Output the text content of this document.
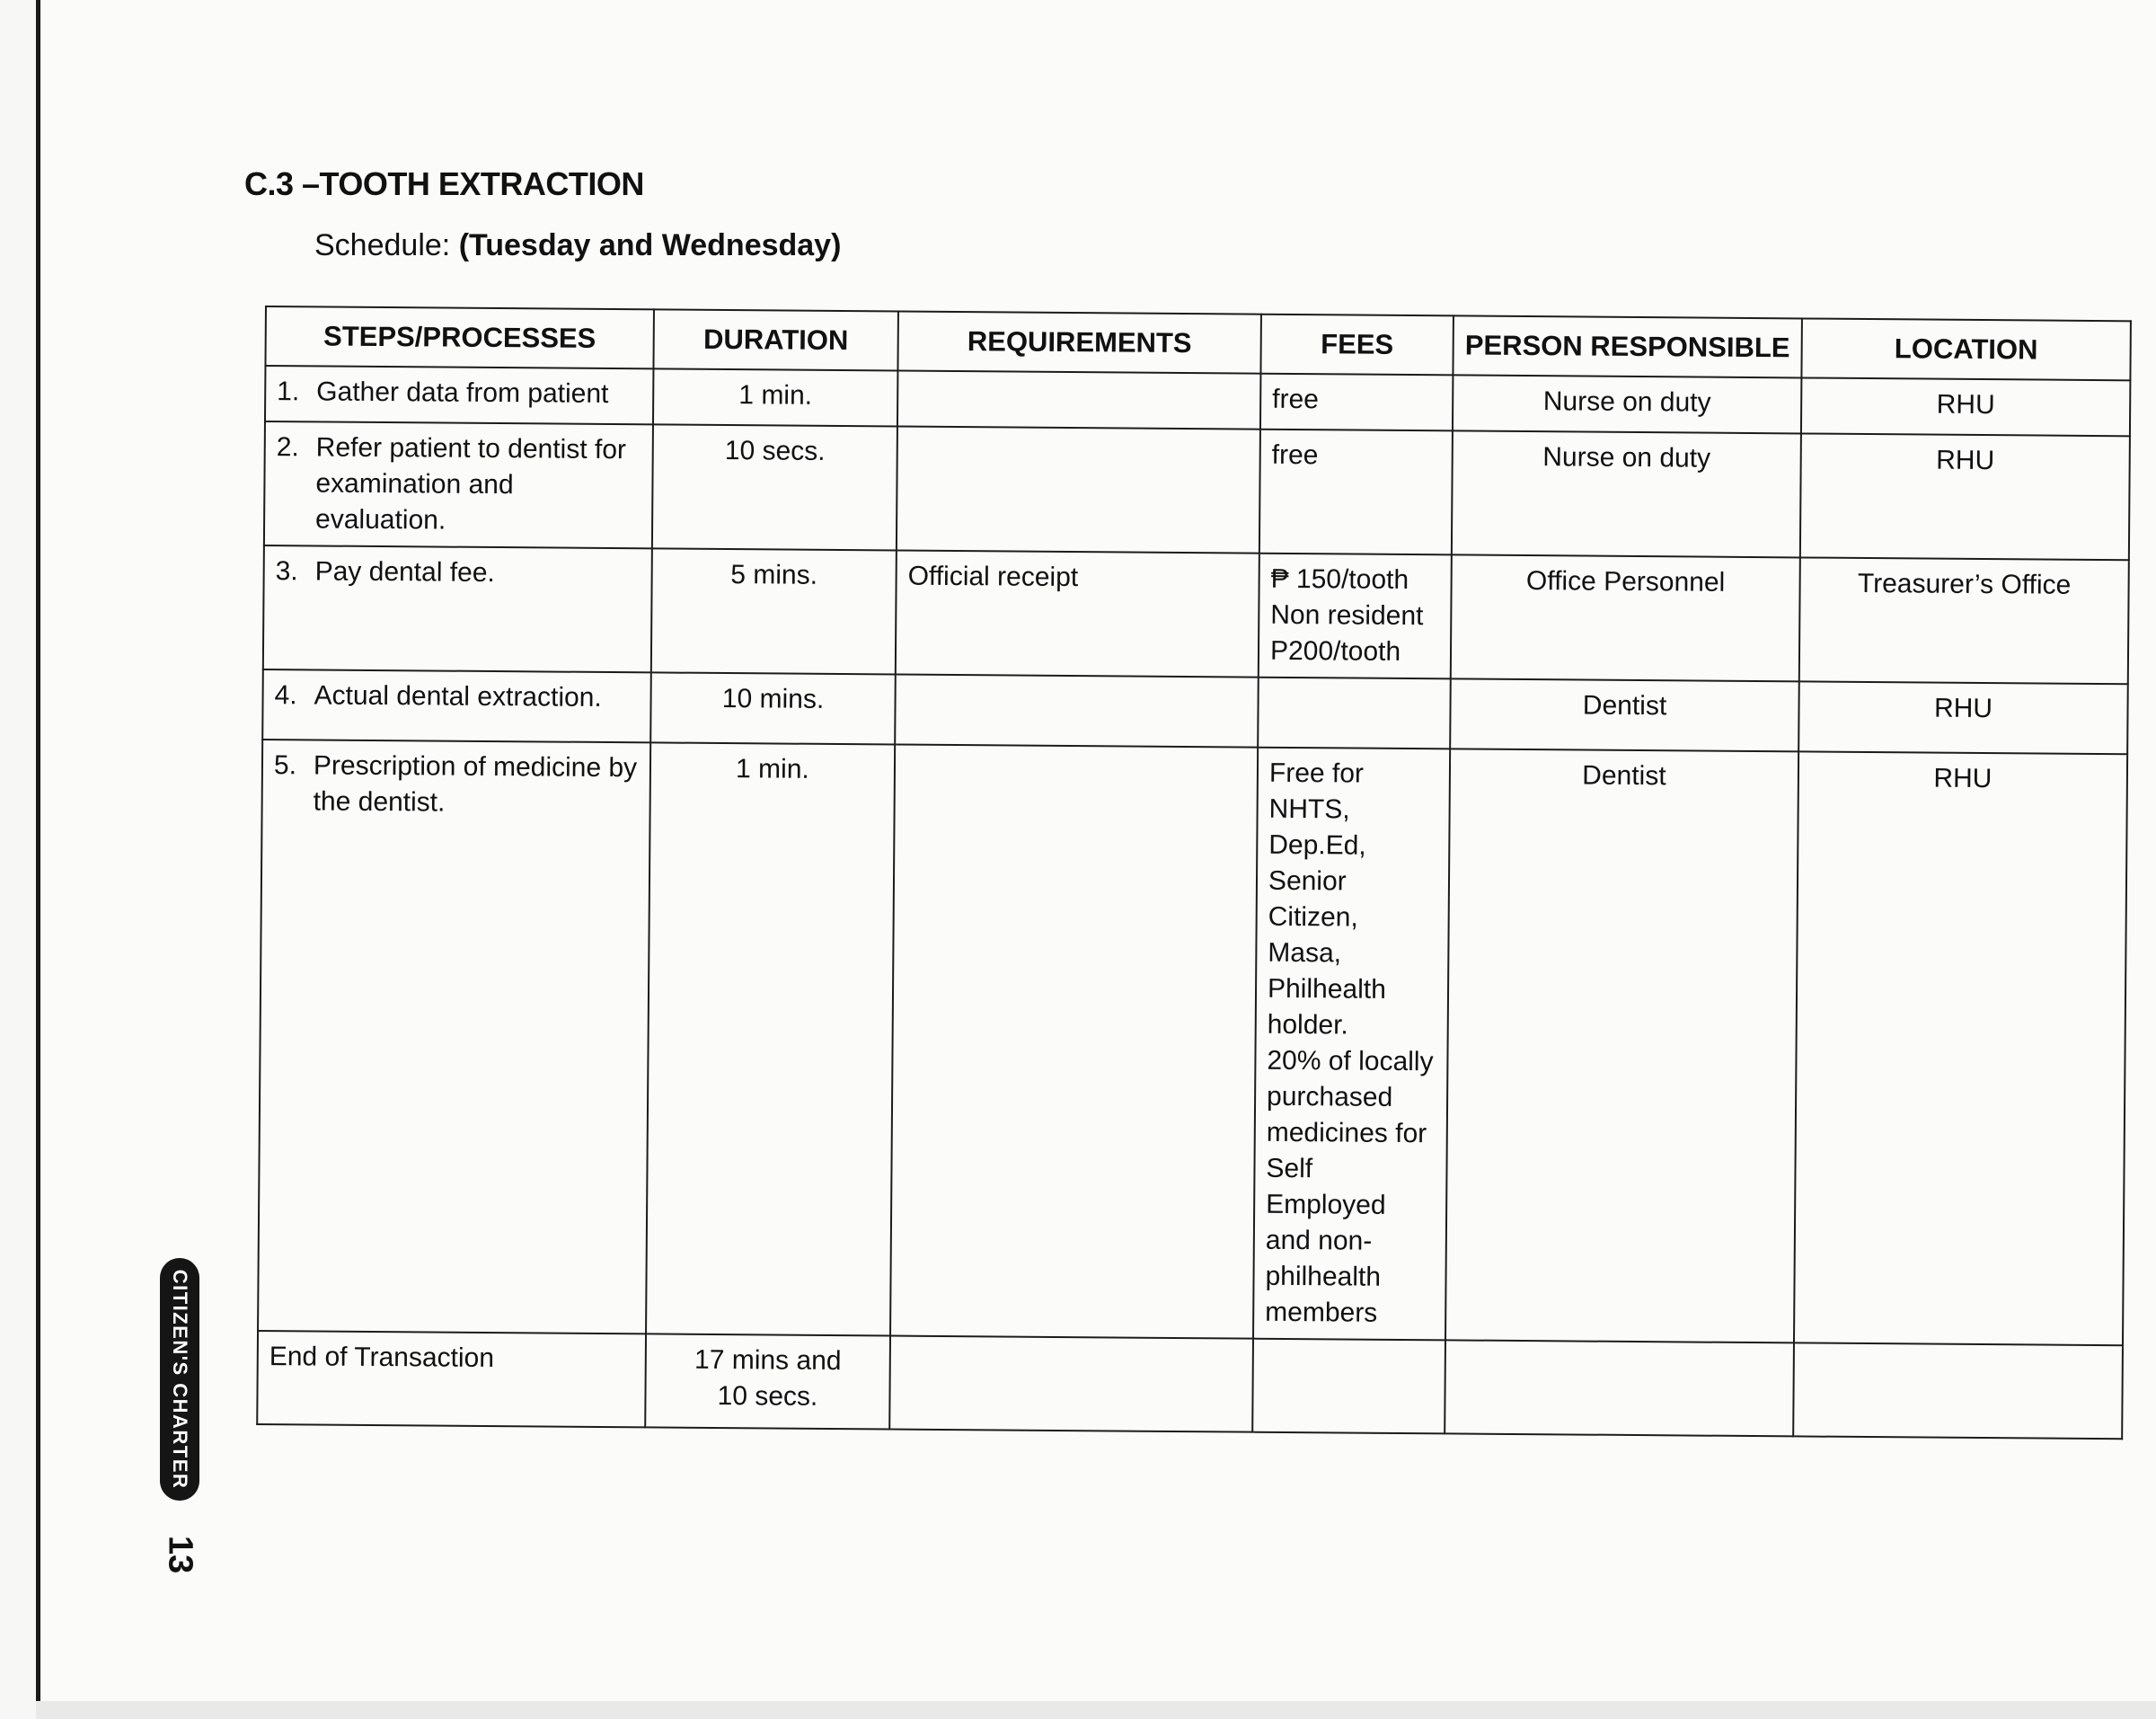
C.3 –TOOTH EXTRACTION
Schedule: (Tuesday and Wednesday)
STEPS/PROCESSES	DURATION	REQUIREMENTS	FEES	PERSON RESPONSIBLE	LOCATION

1. Gather data from patient	1 min.		free	Nurse on duty	RHU

2. Refer patient to dentist for examination and evaluation.	10 secs.		free	Nurse on duty	RHU

3. Pay dental fee.	5 mins.	Official receipt	₱ 150/tooth
Non resident
P200/tooth	Office Personnel	Treasurer’s Office

4. Actual dental extraction.	10 mins.			Dentist	RHU

5. Prescription of medicine by the dentist.	1 min.		Free for NHTS, Dep.Ed, Senior Citizen, Masa, Philhealth holder.
20% of locally purchased medicines for Self Employed and non-philhealth members	Dentist	RHU
End of Transaction	17 mins and
10 secs.				
CITIZEN'S CHARTER
13
